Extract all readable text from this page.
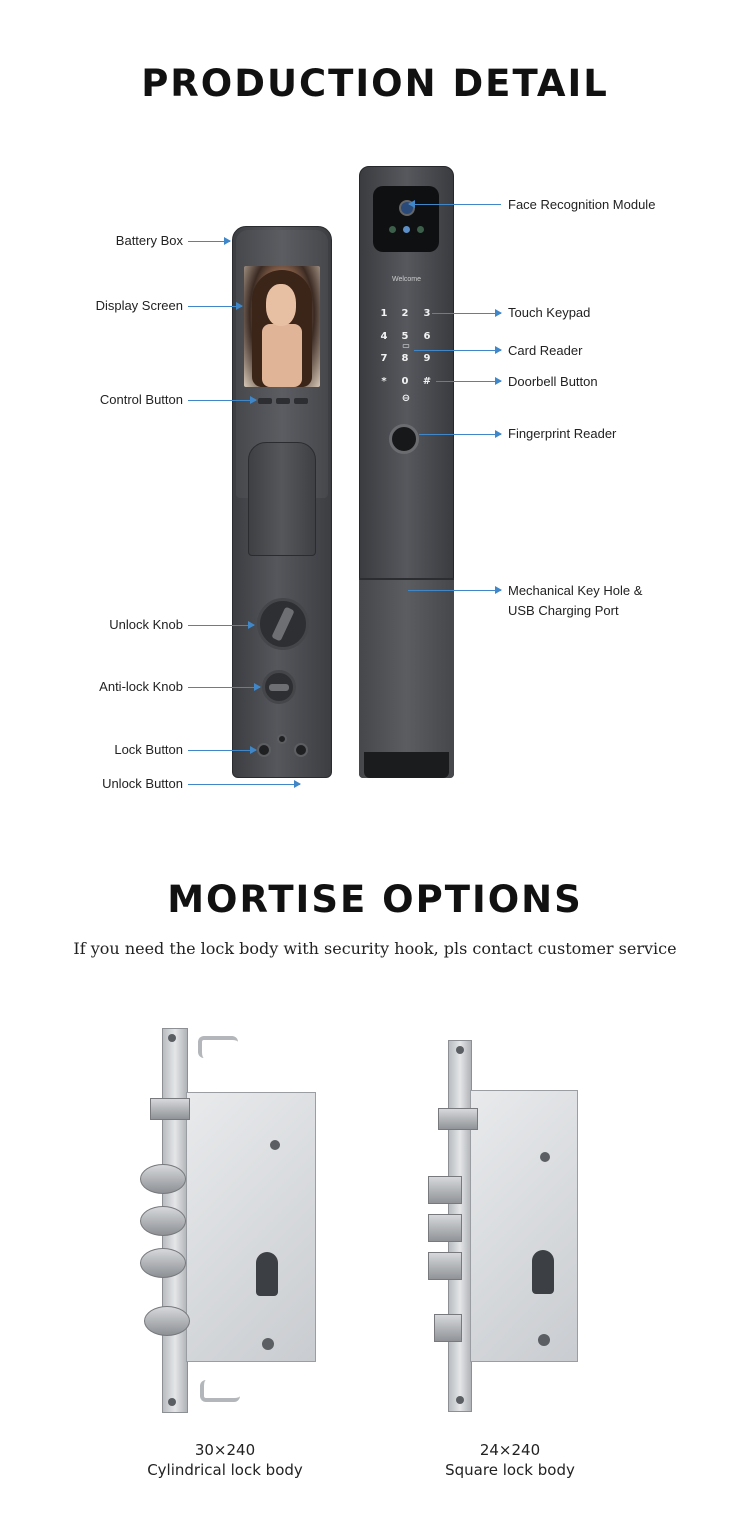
PRODUCTION DETAIL
Welcome
1	2	3
4	5	6
7	8	9
*	0	#
▭
⊖
Battery Box
Display Screen
Control Button
Unlock Knob
Anti-lock Knob
Lock Button
Unlock Button
Face Recognition Module
Touch Keypad
Card Reader
Doorbell Button
Fingerprint Reader
Mechanical Key Hole &
USB Charging Port
MORTISE OPTIONS
If you need the lock body with security hook, pls contact customer service
30×240
Cylindrical lock body
24×240
Square lock body
